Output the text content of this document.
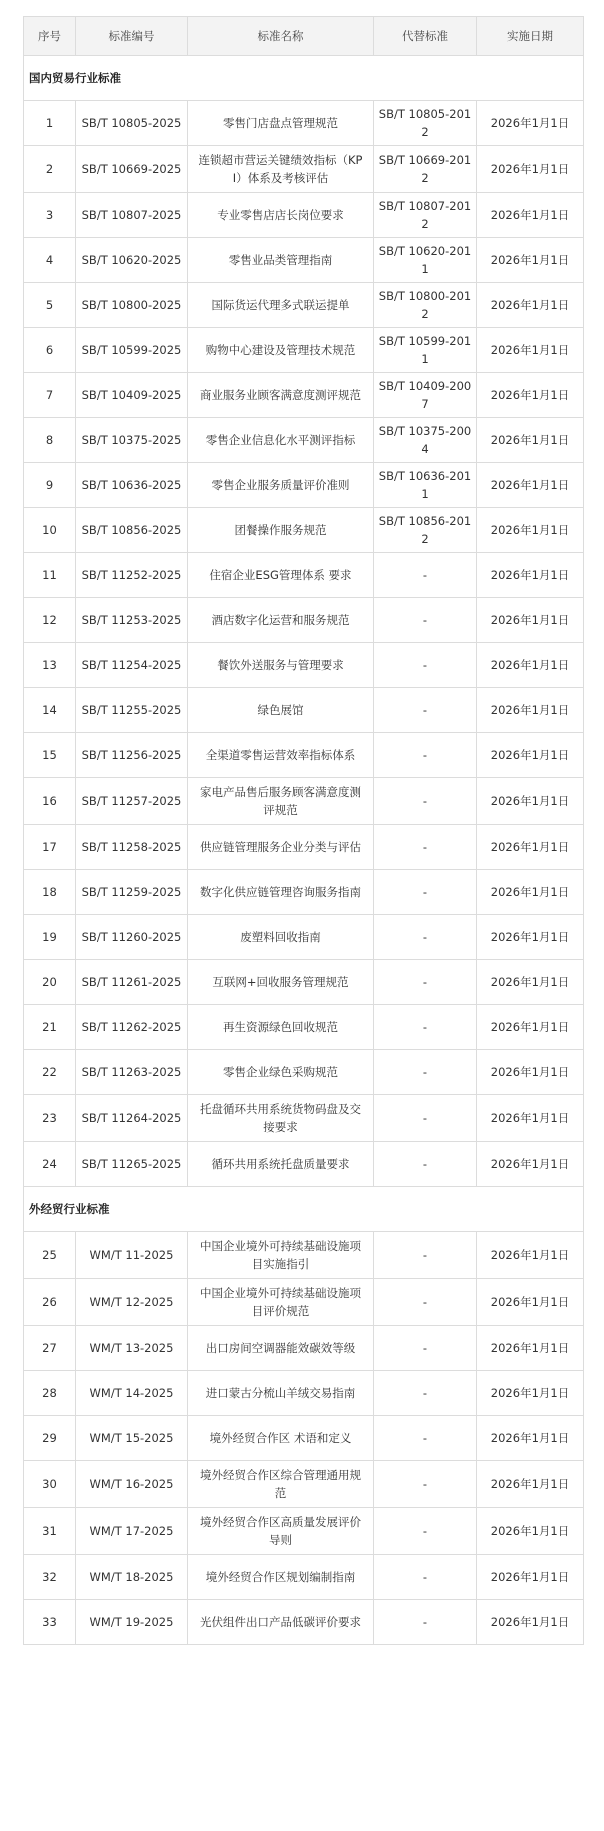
序号	标准编号	标准名称	代替标准	实施日期
国内贸易行业标准				
1	SB/T 10805-2025	零售门店盘点管理规范	SB/T 10805-2012	2026年1月1日
2	SB/T 10669-2025	连锁超市营运关键绩效指标（KPI）体系及考核评估	SB/T 10669-2012	2026年1月1日
3	SB/T 10807-2025	专业零售店店长岗位要求	SB/T 10807-2012	2026年1月1日
4	SB/T 10620-2025	零售业品类管理指南	SB/T 10620-2011	2026年1月1日
5	SB/T 10800-2025	国际货运代理多式联运提单	SB/T 10800-2012	2026年1月1日
6	SB/T 10599-2025	购物中心建设及管理技术规范	SB/T 10599-2011	2026年1月1日
7	SB/T 10409-2025	商业服务业顾客满意度测评规范	SB/T 10409-2007	2026年1月1日
8	SB/T 10375-2025	零售企业信息化水平测评指标	SB/T 10375-2004	2026年1月1日
9	SB/T 10636-2025	零售企业服务质量评价准则	SB/T 10636-2011	2026年1月1日
10	SB/T 10856-2025	团餐操作服务规范	SB/T 10856-2012	2026年1月1日
11	SB/T 11252-2025	住宿企业ESG管理体系 要求	-	2026年1月1日
12	SB/T 11253-2025	酒店数字化运营和服务规范	-	2026年1月1日
13	SB/T 11254-2025	餐饮外送服务与管理要求	-	2026年1月1日
14	SB/T 11255-2025	绿色展馆	-	2026年1月1日
15	SB/T 11256-2025	全渠道零售运营效率指标体系	-	2026年1月1日
16	SB/T 11257-2025	家电产品售后服务顾客满意度测评规范	-	2026年1月1日
17	SB/T 11258-2025	供应链管理服务企业分类与评估	-	2026年1月1日
18	SB/T 11259-2025	数字化供应链管理咨询服务指南	-	2026年1月1日
19	SB/T 11260-2025	废塑料回收指南	-	2026年1月1日
20	SB/T 11261-2025	互联网+回收服务管理规范	-	2026年1月1日
21	SB/T 11262-2025	再生资源绿色回收规范	-	2026年1月1日
22	SB/T 11263-2025	零售企业绿色采购规范	-	2026年1月1日
23	SB/T 11264-2025	托盘循环共用系统货物码盘及交接要求	-	2026年1月1日
24	SB/T 11265-2025	循环共用系统托盘质量要求	-	2026年1月1日
外经贸行业标准				
25	WM/T 11-2025	中国企业境外可持续基础设施项目实施指引	-	2026年1月1日
26	WM/T 12-2025	中国企业境外可持续基础设施项目评价规范	-	2026年1月1日
27	WM/T 13-2025	出口房间空调器能效碳效等级	-	2026年1月1日
28	WM/T 14-2025	进口蒙古分梳山羊绒交易指南	-	2026年1月1日
29	WM/T 15-2025	境外经贸合作区 术语和定义	-	2026年1月1日
30	WM/T 16-2025	境外经贸合作区综合管理通用规范	-	2026年1月1日
31	WM/T 17-2025	境外经贸合作区高质量发展评价导则	-	2026年1月1日
32	WM/T 18-2025	境外经贸合作区规划编制指南	-	2026年1月1日
33	WM/T 19-2025	光伏组件出口产品低碳评价要求	-	2026年1月1日
